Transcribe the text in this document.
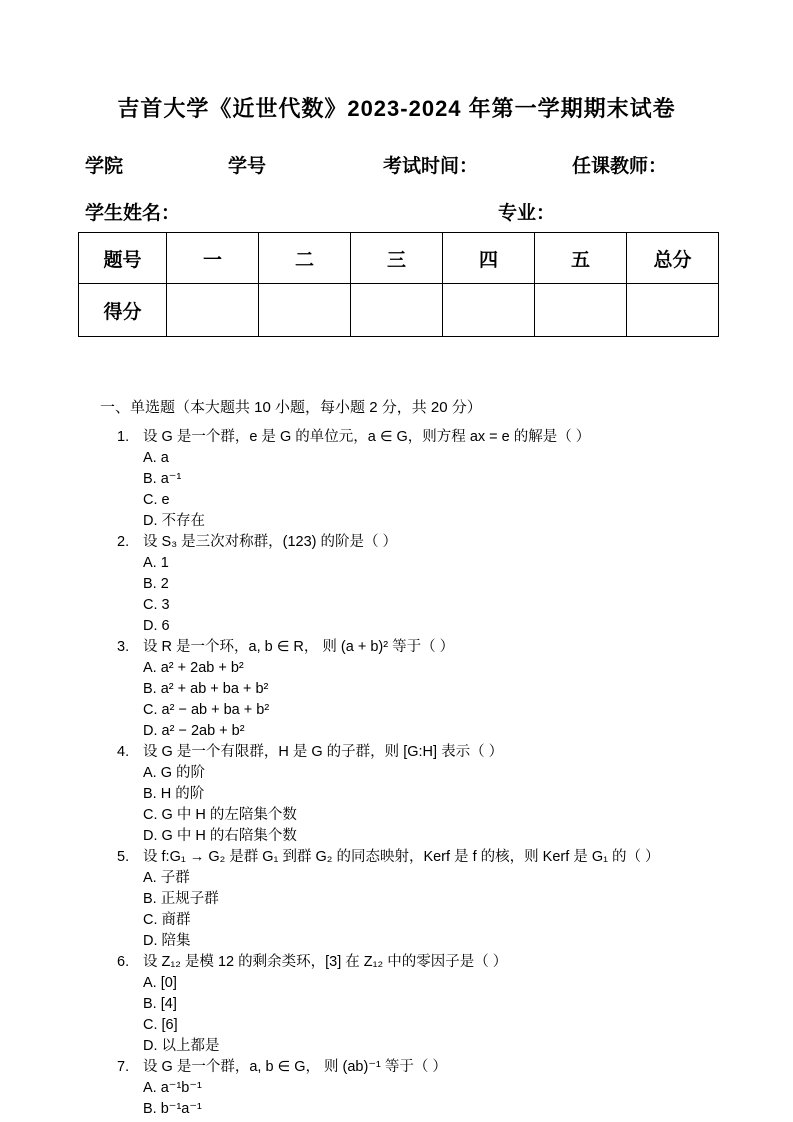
吉首大学《近世代数》2023-2024 年第一学期期末试卷
学院	学号	考试时间：	任课教师：
学生姓名：	专业：
题号	一	二	三	四	五	总分
得分						
一、单选题（本大题共 10 小题，每小题 2 分，共 20 分）
1. 设 G 是一个群，e 是 G 的单位元，a ∈ G，则方程 ax = e 的解是（ ）
A. a
B. a⁻¹
C. e
D. 不存在
2. 设 S₃ 是三次对称群，(123) 的阶是（ ）
A. 1
B. 2
C. 3
D. 6
3. 设 R 是一个环，a, b ∈ R， 则 (a + b)² 等于（ ）
A. a² + 2ab + b²
B. a² + ab + ba + b²
C. a² − ab + ba + b²
D. a² − 2ab + b²
4. 设 G 是一个有限群，H 是 G 的子群，则 [G:H] 表示（ ）
A. G 的阶
B. H 的阶
C. G 中 H 的左陪集个数
D. G 中 H 的右陪集个数
5. 设 f:G₁ → G₂ 是群 G₁ 到群 G₂ 的同态映射，Kerf 是 f 的核，则 Kerf 是 G₁ 的（ ）
A. 子群
B. 正规子群
C. 商群
D. 陪集
6. 设 Z₁₂ 是模 12 的剩余类环，[3] 在 Z₁₂ 中的零因子是（ ）
A. [0]
B. [4]
C. [6]
D. 以上都是
7. 设 G 是一个群，a, b ∈ G， 则 (ab)⁻¹ 等于（ ）
A. a⁻¹b⁻¹
B. b⁻¹a⁻¹
